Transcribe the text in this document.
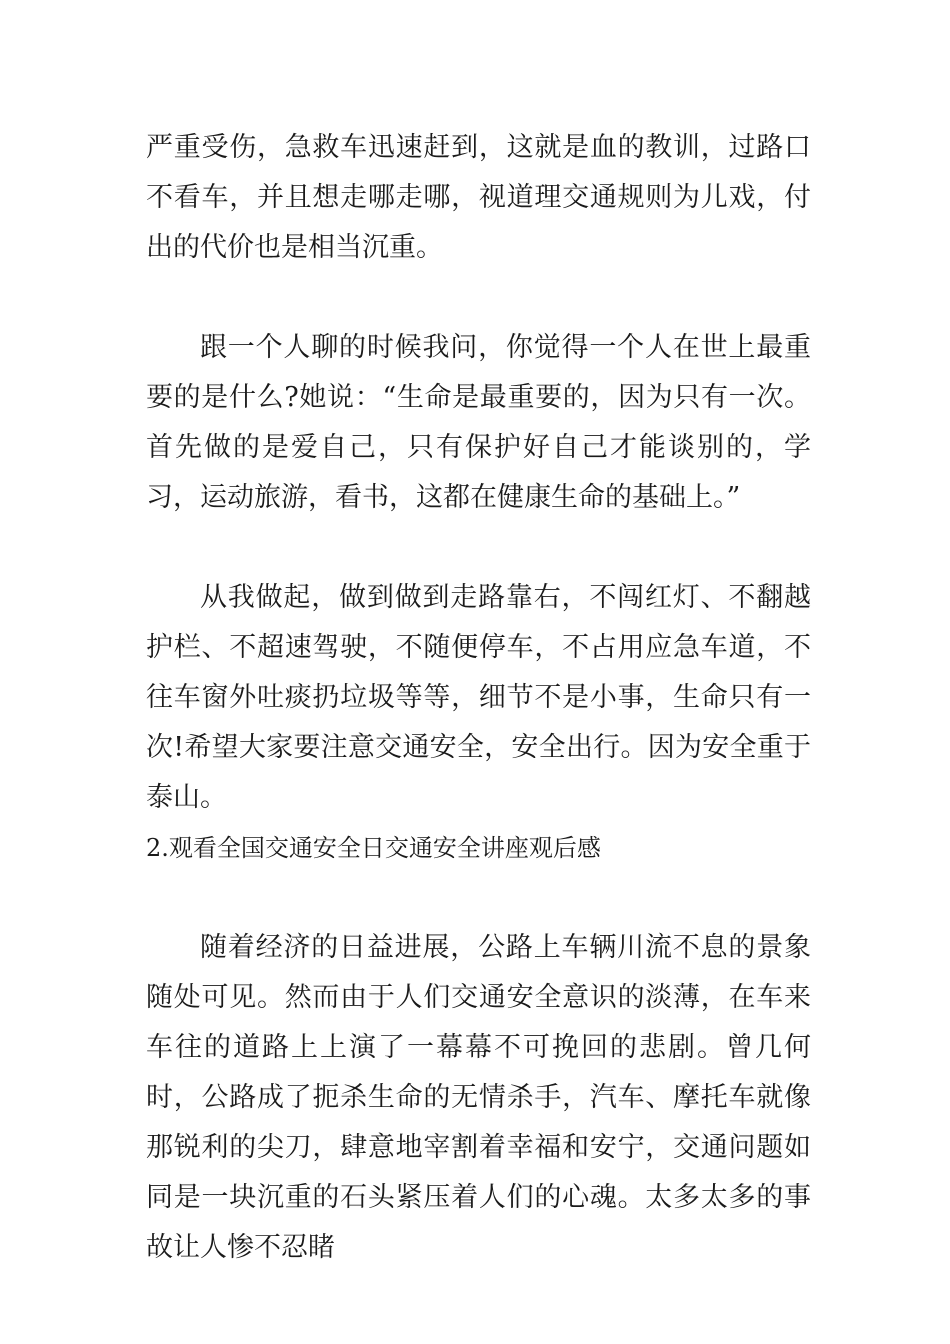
严重受伤，急救车迅速赶到，这就是血的教训，过路口不看车，并且想走哪走哪，视道理交通规则为儿戏，付出的代价也是相当沉重。

跟一个人聊的时候我问，你觉得一个人在世上最重要的是什么?她说：“生命是最重要的，因为只有一次。首先做的是爱自己，只有保护好自己才能谈别的，学习，运动旅游，看书，这都在健康生命的基础上。”

从我做起，做到做到走路靠右，不闯红灯、不翻越护栏、不超速驾驶，不随便停车，不占用应急车道，不往车窗外吐痰扔垃圾等等，细节不是小事，生命只有一次!希望大家要注意交通安全，安全出行。因为安全重于泰山。

2.观看全国交通安全日交通安全讲座观后感

随着经济的日益进展，公路上车辆川流不息的景象随处可见。然而由于人们交通安全意识的淡薄，在车来车往的道路上上演了一幕幕不可挽回的悲剧。曾几何时，公路成了扼杀生命的无情杀手，汽车、摩托车就像那锐利的尖刀，肆意地宰割着幸福和安宁，交通问题如同是一块沉重的石头紧压着人们的心魂。太多太多的事故让人惨不忍睹
